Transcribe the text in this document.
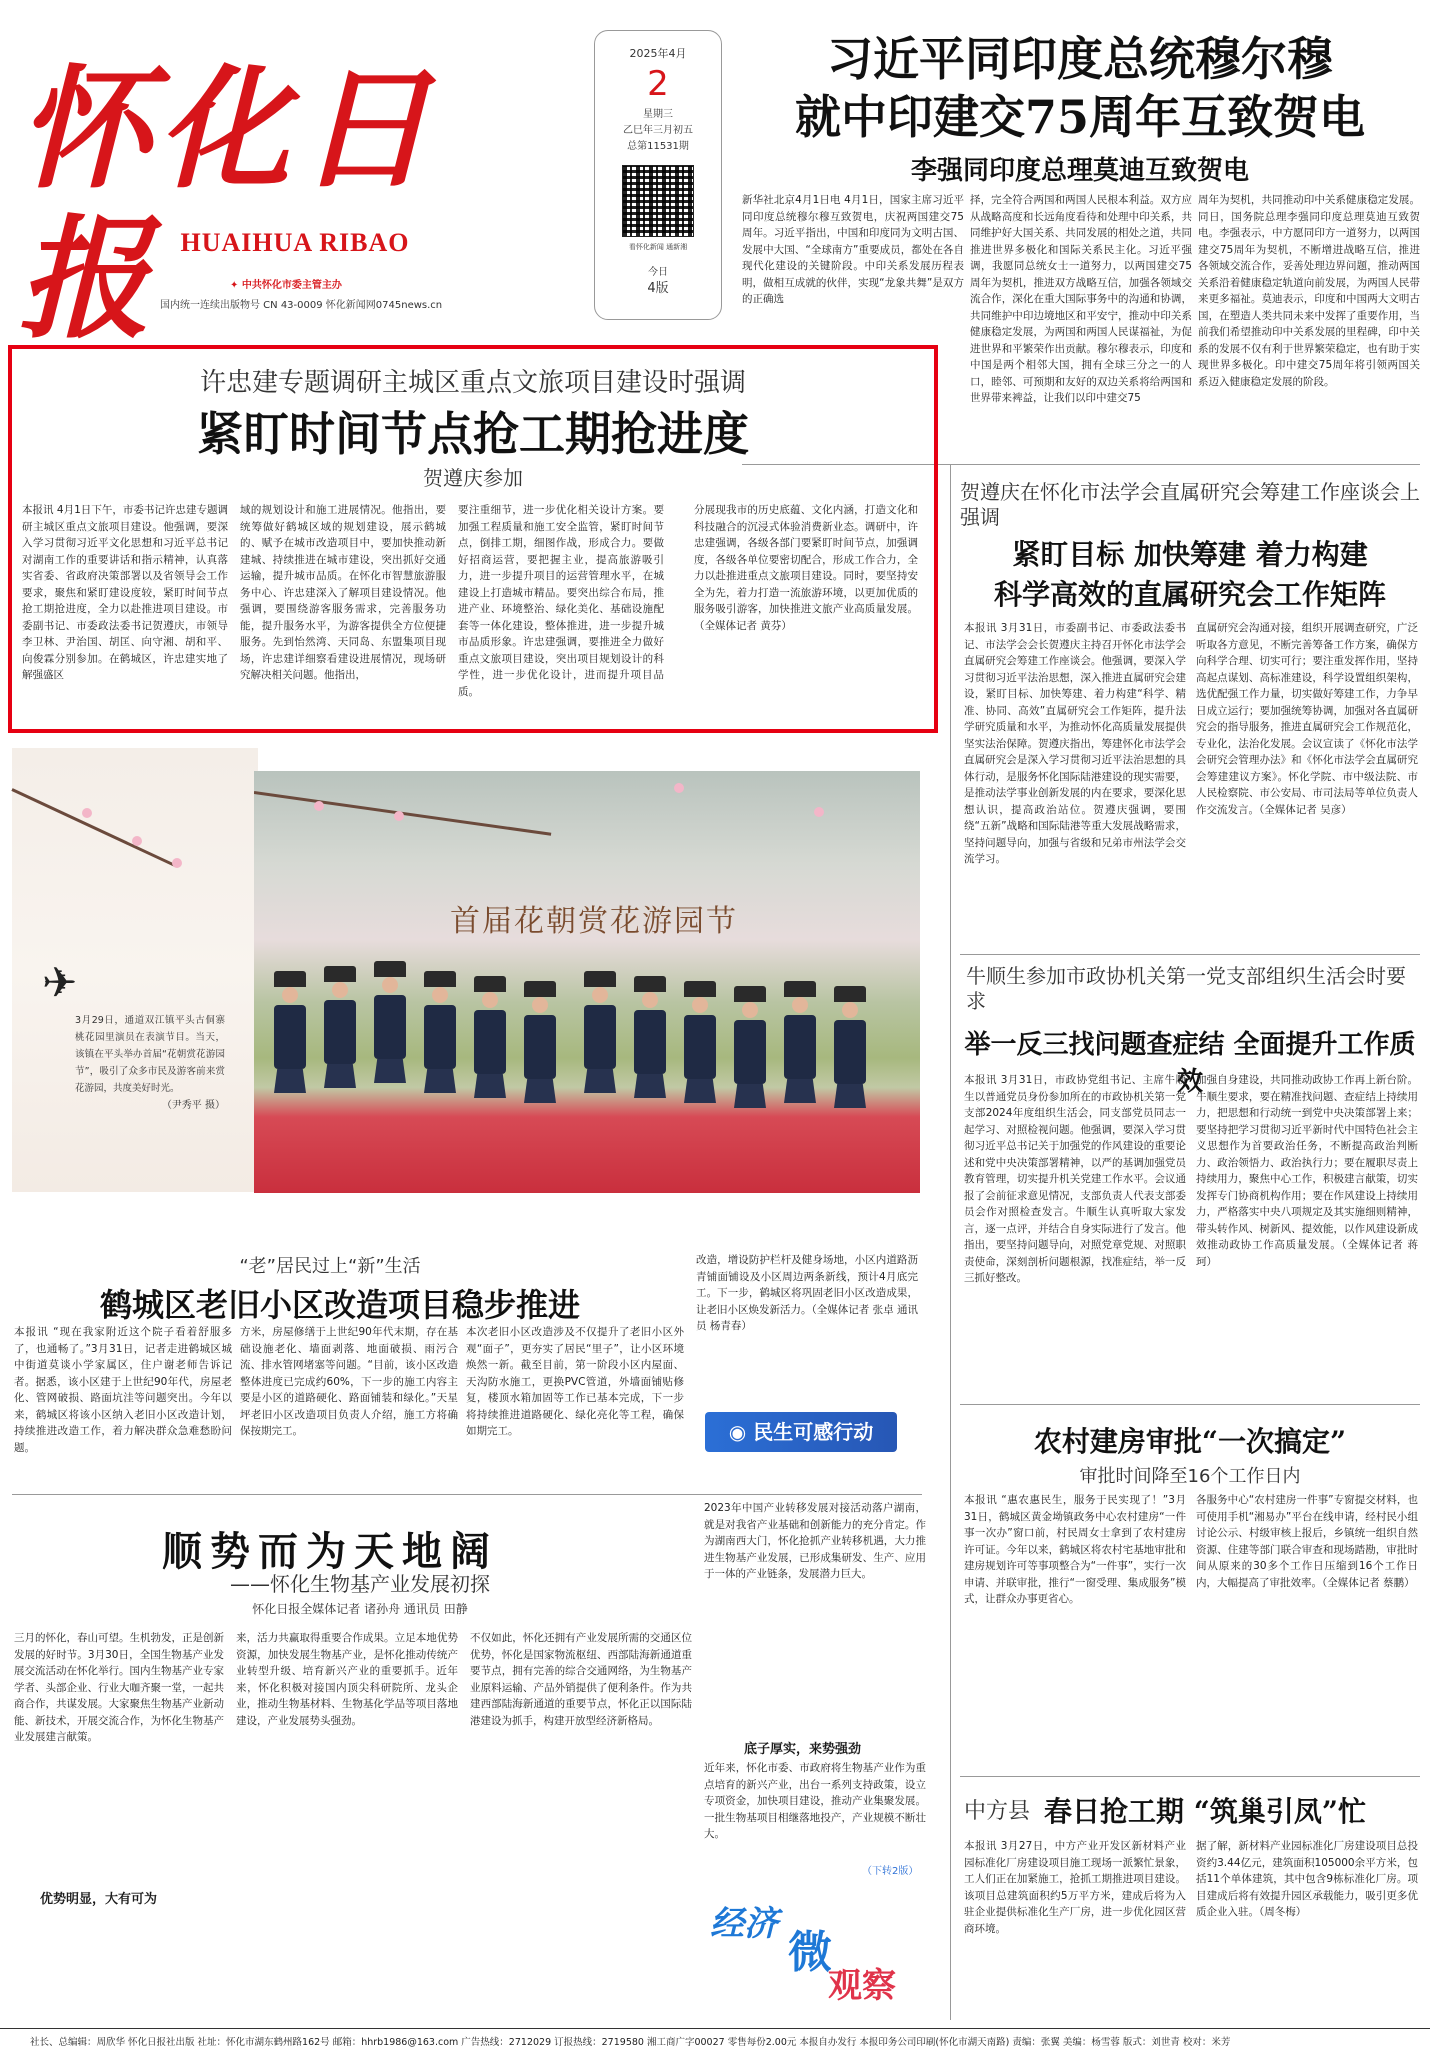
怀化日报 HUAIHUA RIBAO
✦ 中共怀化市委主管主办
国内统一连续出版物号 CN 43-0009 怀化新闻网0745news.cn
2025年4月
2
星期三
乙巳年三月初五
总第11531期
看怀化新闻 通新湘
今日
4版
习近平同印度总统穆尔穆
就中印建交75周年互致贺电
李强同印度总理莫迪互致贺电
新华社北京4月1日电 4月1日，国家主席习近平同印度总统穆尔穆互致贺电，庆祝两国建交75周年。习近平指出，中国和印度同为文明古国、发展中大国、“全球南方”重要成员，都处在各自现代化建设的关键阶段。中印关系发展历程表明，做相互成就的伙伴，实现“龙象共舞”是双方的正确选
择，完全符合两国和两国人民根本利益。双方应从战略高度和长远角度看待和处理中印关系，共同维护好大国关系、共同发展的相处之道，共同推进世界多极化和国际关系民主化。习近平强调，我愿同总统女士一道努力，以两国建交75周年为契机，推进双方战略互信，加强各领域交流合作，深化在重大国际事务中的沟通和协调，共同维护中印边境地区和平安宁，推动中印关系健康稳定发展，为两国和两国人民谋福祉，为促进世界和平繁荣作出贡献。穆尔穆表示，印度和中国是两个相邻大国，拥有全球三分之一的人口，睦邻、可预期和友好的双边关系将给两国和世界带来裨益，让我们以印中建交75
周年为契机，共同推动印中关系健康稳定发展。同日，国务院总理李强同印度总理莫迪互致贺电。李强表示，中方愿同印方一道努力，以两国建交75周年为契机，不断增进战略互信，推进各领域交流合作，妥善处理边界问题，推动两国关系沿着健康稳定轨道向前发展，为两国人民带来更多福祉。莫迪表示，印度和中国两大文明古国，在塑造人类共同未来中发挥了重要作用，当前我们希望推动印中关系发展的里程碑，印中关系的发展不仅有利于世界繁荣稳定，也有助于实现世界多极化。印中建交75周年将引领两国关系迈入健康稳定发展的阶段。
许忠建专题调研主城区重点文旅项目建设时强调
紧盯时间节点抢工期抢进度
贺遵庆参加
本报讯 4月1日下午，市委书记许忠建专题调研主城区重点文旅项目建设。他强调，要深入学习贯彻习近平文化思想和习近平总书记对湖南工作的重要讲话和指示精神，认真落实省委、省政府决策部署以及省领导会工作要求，聚焦和紧盯建设度较，紧盯时间节点抢工期抢进度，全力以赴推进项目建设。市委副书记、市委政法委书记贺遵庆，市领导李卫林、尹治国、胡匡、向守湘、胡和平、向俊霖分别参加。在鹤城区，许忠建实地了解强盛区
域的规划设计和施工进展情况。他指出，要统筹做好鹤城区域的规划建设，展示鹤城的、赋予在城市改造项目中，要加快推动新建城、持续推进在城市建设，突出抓好交通运输，提升城市品质。在怀化市智慧旅游服务中心、许忠建深入了解项目建设情况。他强调，要围绕游客服务需求，完善服务功能，提升服务水平，为游客提供全方位便捷服务。先到怡然湾、天同岛、东盟集项目现场，许忠建详细察看建设进展情况，现场研究解决相关问题。他指出，
要注重细节，进一步优化相关设计方案。要加强工程质量和施工安全监管，紧盯时间节点，倒排工期，细图作战，形成合力。要做好招商运营，要把握主业，提高旅游吸引力，进一步提升项目的运营管理水平，在城建设上打造城市精品。要突出综合布局，推进产业、环境整治、绿化美化、基础设施配套等一体化建设，整体推进，进一步提升城市品质形象。许忠建强调，要推进全力做好重点文旅项目建设，突出项目规划设计的科学性，进一步优化设计，进而提升项目品质。
分展现我市的历史底蕴、文化内涵，打造文化和科技融合的沉浸式体验消费新业态。调研中，许忠建强调，各级各部门要紧盯时间节点，加强调度，各级各单位要密切配合，形成工作合力，全力以赴推进重点文旅项目建设。同时，要坚持安全为先，着力打造一流旅游环境，以更加优质的服务吸引游客，加快推进文旅产业高质量发展。（全媒体记者 黄芬）
✈
首届花朝赏花游园节
3月29日，通道双江镇平头古侗寨桃花园里演员在表演节目。当天，该镇在平头举办首届“花朝赏花游园节”，吸引了众多市民及游客前来赏花游园，共度美好时光。

（尹秀平 摄）
贺遵庆在怀化市法学会直属研究会筹建工作座谈会上强调
紧盯目标 加快筹建 着力构建
科学高效的直属研究会工作矩阵
本报讯 3月31日，市委副书记、市委政法委书记、市法学会会长贺遵庆主持召开怀化市法学会直属研究会筹建工作座谈会。他强调，要深入学习贯彻习近平法治思想，深入推进直属研究会建设，紧盯目标、加快筹建、着力构建“科学、精准、协同、高效”直属研究会工作矩阵，提升法学研究质量和水平，为推动怀化高质量发展提供坚实法治保障。贺遵庆指出，筹建怀化市法学会直属研究会是深入学习贯彻习近平法治思想的具体行动，是服务怀化国际陆港建设的现实需要，是推动法学事业创新发展的内在要求，要深化思想认识，提高政治站位。贺遵庆强调，要围绕“五新”战略和国际陆港等重大发展战略需求，坚持问题导向，加强与省级和兄弟市州法学会交流学习。
直属研究会沟通对接，组织开展调查研究，广泛听取各方意见，不断完善筹备工作方案，确保方向科学合理、切实可行；要注重发挥作用，坚持高起点谋划、高标准建设，科学设置组织架构，选优配强工作力量，切实做好筹建工作，力争早日成立运行；要加强统筹协调，加强对各直属研究会的指导服务，推进直属研究会工作规范化，专业化，法治化发展。会议宣读了《怀化市法学会研究会管理办法》和《怀化市法学会直属研究会筹建建议方案》。怀化学院、市中级法院、市人民检察院、市公安局、市司法局等单位负责人作交流发言。（全媒体记者 吴彦）
牛顺生参加市政协机关第一党支部组织生活会时要求
举一反三找问题查症结 全面提升工作质效
本报讯 3月31日，市政协党组书记、主席牛顺生以普通党员身份参加所在的市政协机关第一党支部2024年度组织生活会，同支部党员同志一起学习、对照检视问题。他强调，要深入学习贯彻习近平总书记关于加强党的作风建设的重要论述和党中央决策部署精神，以严的基调加强党员教育管理，切实提升机关党建工作水平。会议通报了会前征求意见情况，支部负责人代表支部委员会作对照检查发言。牛顺生认真听取大家发言，逐一点评，并结合自身实际进行了发言。他指出，要坚持问题导向，对照党章党规、对照职责使命，深刻剖析问题根源，找准症结，举一反三抓好整改。
加强自身建设，共同推动政协工作再上新台阶。牛顺生要求，要在精准找问题、查症结上持续用力，把思想和行动统一到党中央决策部署上来；要坚持把学习贯彻习近平新时代中国特色社会主义思想作为首要政治任务，不断提高政治判断力、政治领悟力、政治执行力；要在履职尽责上持续用力，聚焦中心工作，积极建言献策，切实发挥专门协商机构作用；要在作风建设上持续用力，严格落实中央八项规定及其实施细则精神，带头转作风、树新风、提效能，以作风建设新成效推动政协工作高质量发展。（全媒体记者 蒋珂）
“老”居民过上“新”生活
鹤城区老旧小区改造项目稳步推进
本报讯 “现在我家附近这个院子看着舒服多了，也通畅了。”3月31日，记者走进鹤城区城中街道莫谈小学家属区，住户谢老师告诉记者。据悉，该小区建于上世纪90年代，房屋老化、管网破损、路面坑洼等问题突出。今年以来，鹤城区将该小区纳入老旧小区改造计划，持续推进改造工作，着力解决群众急难愁盼问题。
方米，房屋修缮于上世纪90年代末期，存在基础设施老化、墙面剥落、地面破损、雨污合流、排水管网堵塞等问题。“目前，该小区改造整体进度已完成约60%，下一步的施工内容主要是小区的道路硬化、路面铺装和绿化。”天星坪老旧小区改造项目负责人介绍，施工方将确保按期完工。
本次老旧小区改造涉及不仅提升了老旧小区外观“面子”，更夯实了居民“里子”，让小区环境焕然一新。截至目前，第一阶段小区内屋面、天沟防水施工，更换PVC管道，外墙面铺贴修复，楼顶水箱加固等工作已基本完成，下一步将持续推进道路硬化、绿化亮化等工程，确保如期完工。
改造，增设防护栏杆及健身场地，小区内道路沥青铺面铺设及小区周边两条新线，预计4月底完工。下一步，鹤城区将巩固老旧小区改造成果，让老旧小区焕发新活力。（全媒体记者 张卓 通讯员 杨青春）
◉ 民生可感行动	农村建房审批“一次搞定”
审批时间降至16个工作日内
本报讯 “惠农惠民生，服务于民实现了！”3月31日，鹤城区黄金坳镇政务中心农村建房“一件事一次办”窗口前，村民周女士拿到了农村建房许可证。今年以来，鹤城区将农村宅基地审批和建房规划许可等事项整合为“一件事”，实行一次申请、并联审批，推行“一窗受理、集成服务”模式，让群众办事更省心。
各服务中心“农村建房一件事”专窗提交材料，也可使用手机“湘易办”平台在线申请，经村民小组讨论公示、村级审核上报后，乡镇统一组织自然资源、住建等部门联合审查和现场踏勘，审批时间从原来的30多个工作日压缩到16个工作日内，大幅提高了审批效率。（全媒体记者 蔡鹏）
顺势而为天地阔
——怀化生物基产业发展初探
怀化日报全媒体记者 诸孙舟 通讯员 田静
三月的怀化，春山可望。生机勃发，正是创新发展的好时节。3月30日，全国生物基产业发展交流活动在怀化举行。国内生物基产业专家学者、头部企业、行业大咖齐聚一堂，一起共商合作，共谋发展。大家聚焦生物基产业新动能、新技术，开展交流合作，为怀化生物基产业发展建言献策。
优势明显，大有可为
来，活力共赢取得重要合作成果。立足本地优势资源，加快发展生物基产业，是怀化推动传统产业转型升级、培育新兴产业的重要抓手。近年来，怀化积极对接国内顶尖科研院所、龙头企业，推动生物基材料、生物基化学品等项目落地建设，产业发展势头强劲。
不仅如此，怀化还拥有产业发展所需的交通区位优势，怀化是国家物流枢纽、西部陆海新通道重要节点，拥有完善的综合交通网络，为生物基产业原料运输、产品外销提供了便利条件。作为共建西部陆海新通道的重要节点，怀化正以国际陆港建设为抓手，构建开放型经济新格局。
2023年中国产业转移发展对接活动落户湖南，就是对我省产业基础和创新能力的充分肯定。作为湖南西大门，怀化抢抓产业转移机遇，大力推进生物基产业发展，已形成集研发、生产、应用于一体的产业链条，发展潜力巨大。
底子厚实，来势强劲
近年来，怀化市委、市政府将生物基产业作为重点培育的新兴产业，出台一系列支持政策，设立专项资金，加快项目建设，推动产业集聚发展。一批生物基项目相继落地投产，产业规模不断壮大。
（下转2版）
经济
微
观察
中方县 春日抢工期 “筑巢引凤”忙
本报讯 3月27日，中方产业开发区新材料产业园标准化厂房建设项目施工现场一派繁忙景象，工人们正在加紧施工，抢抓工期推进项目建设。该项目总建筑面积约5万平方米，建成后将为入驻企业提供标准化生产厂房，进一步优化园区营商环境。
据了解，新材料产业园标准化厂房建设项目总投资约3.44亿元，建筑面积105000余平方米，包括11个单体建筑，其中包含9栋标准化厂房。项目建成后将有效提升园区承载能力，吸引更多优质企业入驻。（周冬梅）
社长、总编辑：周欣华 怀化日报社出版 社址：怀化市湖东鹤州路162号 邮箱：hhrb1986@163.com 广告热线：2712029 订报热线：2719580 湘工商广字00027 零售每份2.00元 本报自办发行 本报印务公司印刷(怀化市湖天南路) 责编：张翼 美编：杨雪蓉 版式：刘世青 校对：米芳
